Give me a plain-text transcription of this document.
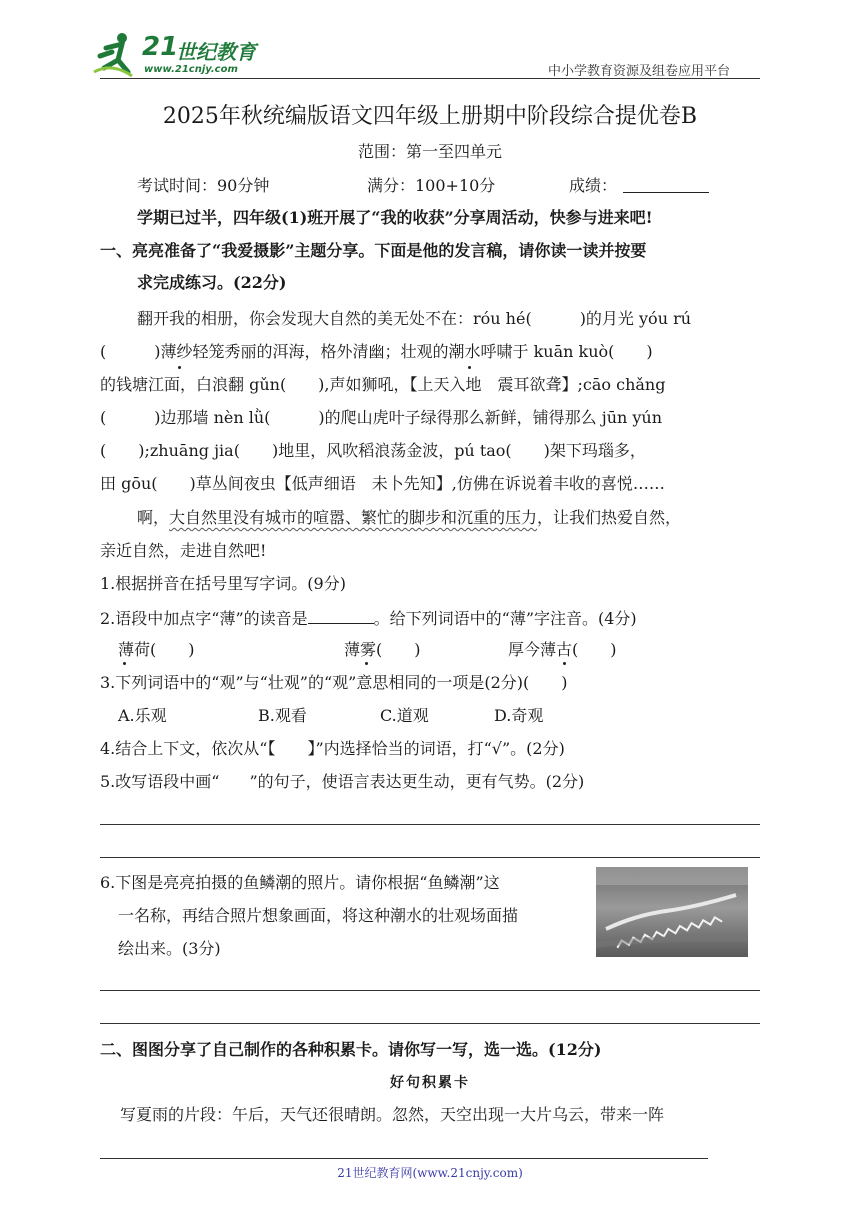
21
世纪教育
www.21cnjy.com	中小学教育资源及组卷应用平台
2025年秋统编版语文四年级上册期中阶段综合提优卷B
范围：第一至四单元
考试时间：90分钟	满分：100+10分	成绩：
学期已过半，四年级(1)班开展了“我的收获”分享周活动，快参与进来吧!
一、亮亮准备了“我爱摄影”主题分享。下面是他的发言稿，请你读一读并按要
求完成练习。(22分)
翻开我的相册，你会发现大自然的美无处不在：róu hé(　　　)的月光 yóu rú
(　　　)薄纱轻笼秀丽的洱海，格外清幽；壮观的潮水呼啸于 kuān kuò(　　)
的钱塘江面，白浪翻 gǔn(　　),声如狮吼，【上天入地　震耳欲聋】;cāo chǎng
(　　　)边那墙 nèn lǜ(　　　)的爬山虎叶子绿得那么新鲜，铺得那么 jūn yún
(　　);zhuāng jia(　　)地里，风吹稻浪荡金波，pú tao(　　)架下玛瑙多，
田 gōu(　　)草丛间夜虫【低声细语　未卜先知】,仿佛在诉说着丰收的喜悦……
啊，大自然里没有城市的喧嚣、繁忙的脚步和沉重的压力，让我们热爱自然，
亲近自然，走进自然吧!
1.根据拼音在括号里写字词。(9分)
2.语段中加点字“薄”的读音是	。给下列词语中的“薄”字注音。(4分)
薄荷(　　)	薄雾(　　)	厚今薄古(　　)
3.下列词语中的“观”与“壮观”的“观”意思相同的一项是(2分)(　　)
A.乐观	B.观看	C.道观	D.奇观
4.结合上下文，依次从“【　　】”内选择恰当的词语，打“√”。(2分)
5.改写语段中画“ ”的句子，使语言表达更生动，更有气势。(2分)
6.下图是亮亮拍摄的鱼鳞潮的照片。请你根据“鱼鳞潮”这
一名称，再结合照片想象画面，将这种潮水的壮观场面描
绘出来。(3分)
二、图图分享了自己制作的各种积累卡。请你写一写，选一选。(12分)
好句积累卡
写夏雨的片段：午后，天气还很晴朗。忽然，天空出现一大片乌云，带来一阵
21世纪教育网(www.21cnjy.com)
